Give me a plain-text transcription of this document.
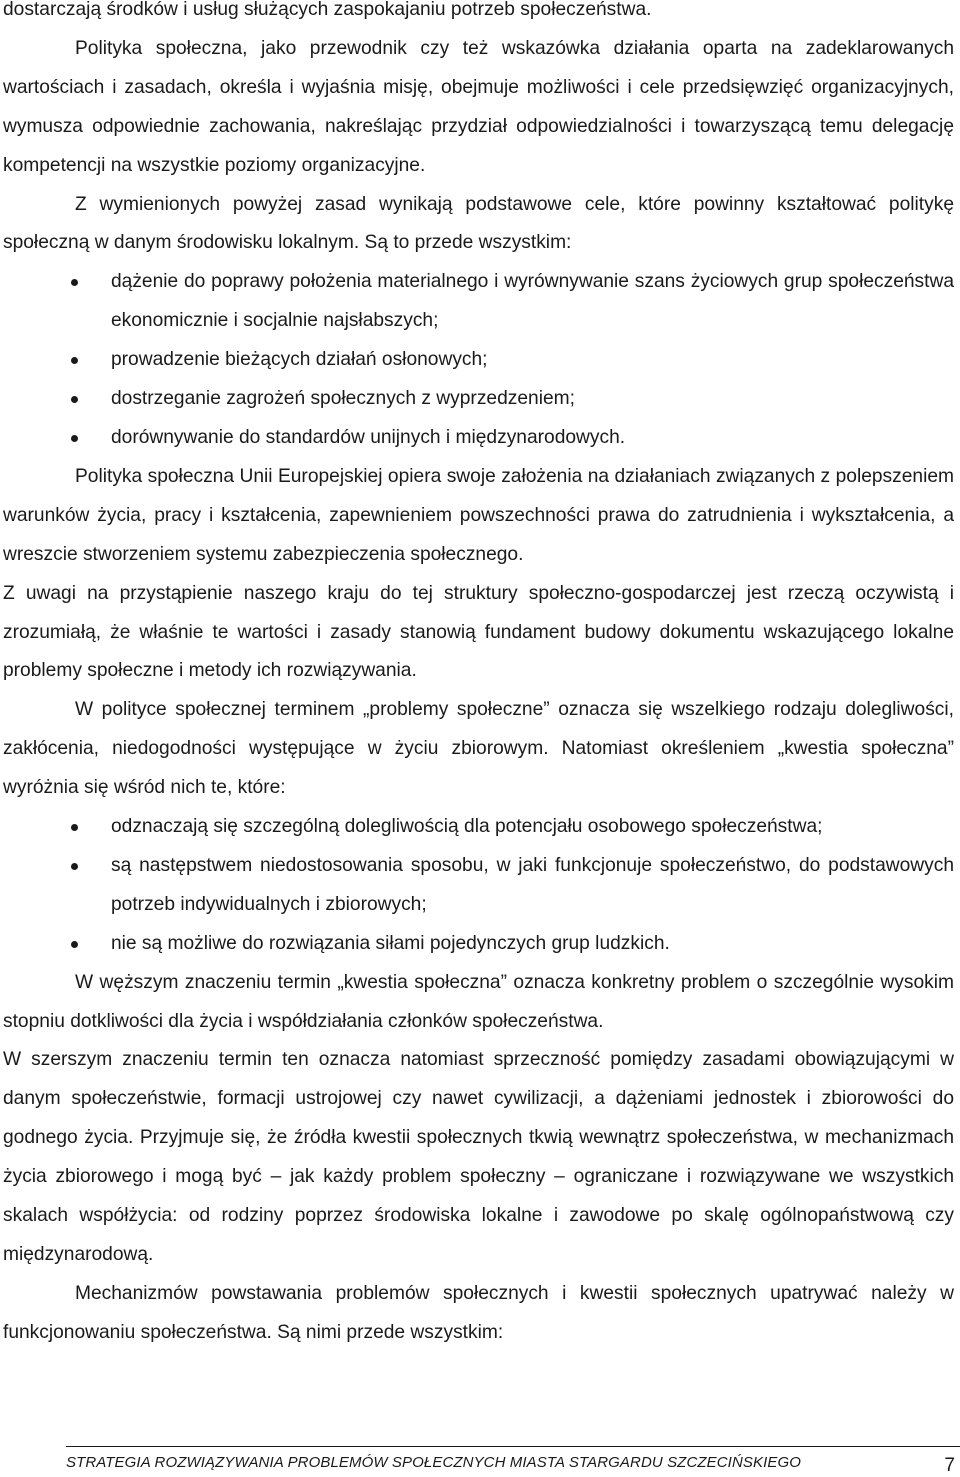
dostarczają środków i usług służących zaspokajaniu potrzeb społeczeństwa.

Polityka społeczna, jako przewodnik czy też wskazówka działania oparta na zadeklarowanych wartościach i zasadach, określa i wyjaśnia misję, obejmuje możliwości i cele przedsięwzięć organizacyjnych, wymusza odpowiednie zachowania, nakreślając przydział odpowiedzialności i towarzyszącą temu delegację kompetencji na wszystkie poziomy organizacyjne.

Z wymienionych powyżej zasad wynikają podstawowe cele, które powinny kształtować politykę społeczną w danym środowisku lokalnym. Są to przede wszystkim:

dążenie do poprawy położenia materialnego i wyrównywanie szans życiowych grup społeczeństwa ekonomicznie i socjalnie najsłabszych;
prowadzenie bieżących działań osłonowych;
dostrzeganie zagrożeń społecznych z wyprzedzeniem;
dorównywanie do standardów unijnych i międzynarodowych.

Polityka społeczna Unii Europejskiej opiera swoje założenia na działaniach związanych z polepszeniem warunków życia, pracy i kształcenia, zapewnieniem powszechności prawa do zatrudnienia i wykształcenia, a wreszcie stworzeniem systemu zabezpieczenia społecznego.

Z uwagi na przystąpienie naszego kraju do tej struktury społeczno-gospodarczej jest rzeczą oczywistą i zrozumiałą, że właśnie te wartości i zasady stanowią fundament budowy dokumentu wskazującego lokalne problemy społeczne i metody ich rozwiązywania.

W polityce społecznej terminem „problemy społeczne” oznacza się wszelkiego rodzaju dolegliwości, zakłócenia, niedogodności występujące w życiu zbiorowym. Natomiast określeniem „kwestia społeczna” wyróżnia się wśród nich te, które:

odznaczają się szczególną dolegliwością dla potencjału osobowego społeczeństwa;
są następstwem niedostosowania sposobu, w jaki funkcjonuje społeczeństwo, do podstawowych potrzeb indywidualnych i zbiorowych;
nie są możliwe do rozwiązania siłami pojedynczych grup ludzkich.

W węższym znaczeniu termin „kwestia społeczna” oznacza konkretny problem o szczególnie wysokim stopniu dotkliwości dla życia i współdziałania członków społeczeństwa.

W szerszym znaczeniu termin ten oznacza natomiast sprzeczność pomiędzy zasadami obowiązującymi w danym społeczeństwie, formacji ustrojowej czy nawet cywilizacji, a dążeniami jednostek i zbiorowości do godnego życia. Przyjmuje się, że źródła kwestii społecznych tkwią wewnątrz społeczeństwa, w mechanizmach życia zbiorowego i mogą być – jak każdy problem społeczny – ograniczane i rozwiązywane we wszystkich skalach współżycia: od rodziny poprzez środowiska lokalne i zawodowe po skalę ogólnopaństwową czy międzynarodową.

Mechanizmów powstawania problemów społecznych i kwestii społecznych upatrywać należy w funkcjonowaniu społeczeństwa. Są nimi przede wszystkim:

STRATEGIA ROZWIĄZYWANIA PROBLEMÓW SPOŁECZNYCH MIASTA STARGARDU SZCZECIŃSKIEGO	7
